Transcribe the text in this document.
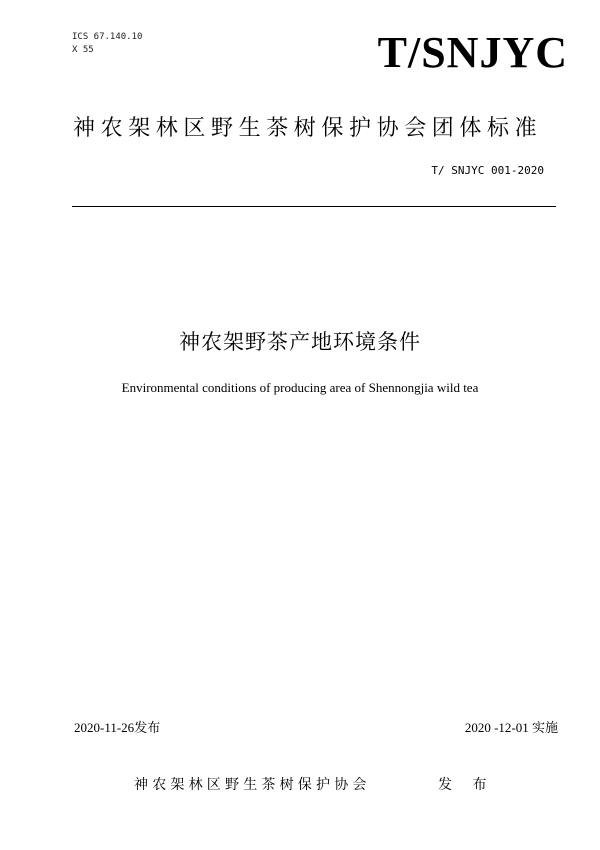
ICS 67.140.10
X 55	T/SNJYC
神农架林区野生茶树保护协会团体标准
T/ SNJYC 001-2020
神农架野茶产地环境条件
Environmental conditions of producing area of Shennongjia wild tea
2020-11-26发布	2020 -12-01 实施
神农架林区野生茶树保护协会	发 布
